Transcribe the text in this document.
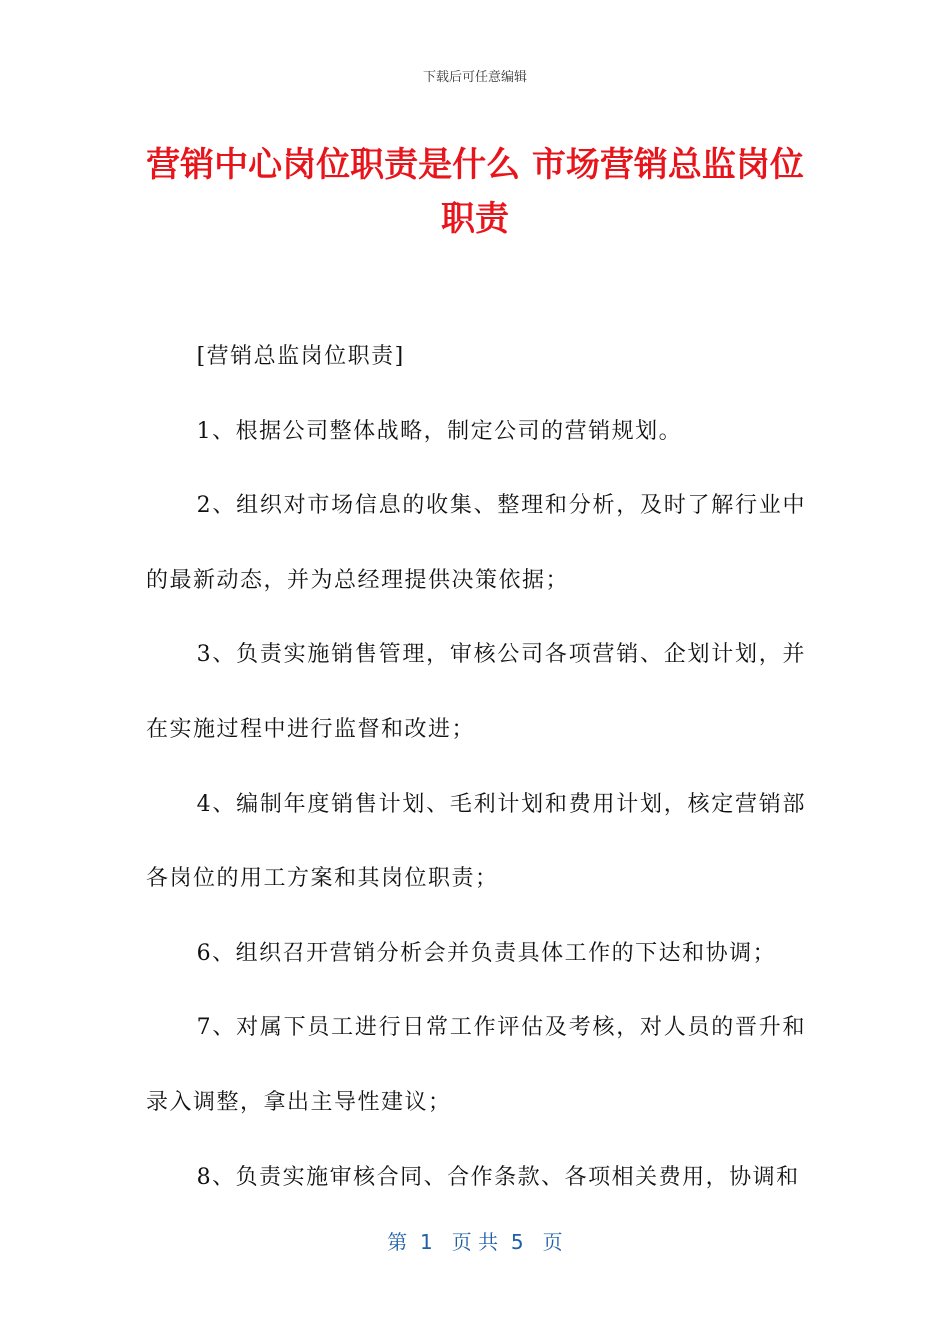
下载后可任意编辑
营销中心岗位职责是什么 市场营销总监岗位职责

[营销总监岗位职责]

1、根据公司整体战略，制定公司的营销规划。

2、组织对市场信息的收集、整理和分析，及时了解行业中的最新动态，并为总经理提供决策依据；

3、负责实施销售管理，审核公司各项营销、企划计划，并在实施过程中进行监督和改进；

4、编制年度销售计划、毛利计划和费用计划，核定营销部各岗位的用工方案和其岗位职责；

6、组织召开营销分析会并负责具体工作的下达和协调；

7、对属下员工进行日常工作评估及考核，对人员的晋升和录入调整，拿出主导性建议；

8、负责实施审核合同、合作条款、各项相关费用，协调和

第  1   页 共  5   页
